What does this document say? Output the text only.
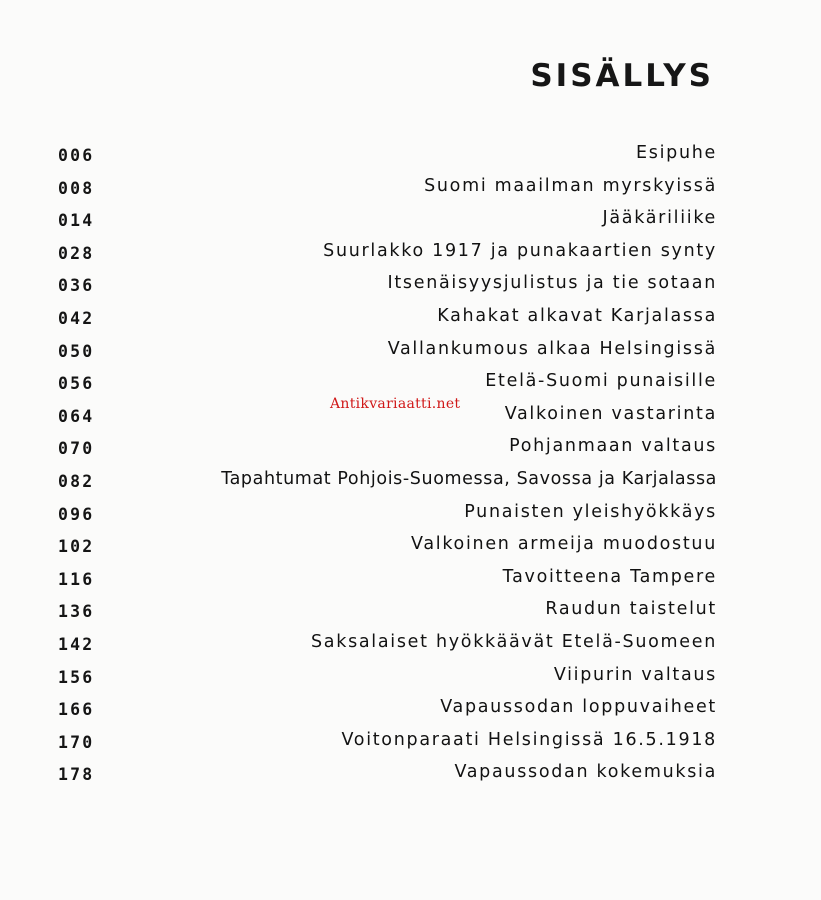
SISÄLLYS
006	Esipuhe
008	Suomi maailman myrskyissä
014	Jääkäriliike
028	Suurlakko 1917 ja punakaartien synty
036	Itsenäisyysjulistus ja tie sotaan
042	Kahakat alkavat Karjalassa
050	Vallankumous alkaa Helsingissä
056	Etelä-Suomi punaisille
064	Valkoinen vastarinta
070	Pohjanmaan valtaus
082	Tapahtumat Pohjois-Suomessa, Savossa ja Karjalassa
096	Punaisten yleishyökkäys
102	Valkoinen armeija muodostuu
116	Tavoitteena Tampere
136	Raudun taistelut
142	Saksalaiset hyökkäävät Etelä-Suomeen
156	Viipurin valtaus
166	Vapaussodan loppuvaiheet
170	Voitonparaati Helsingissä 16.5.1918
178	Vapaussodan kokemuksia
Antikvariaatti.net
